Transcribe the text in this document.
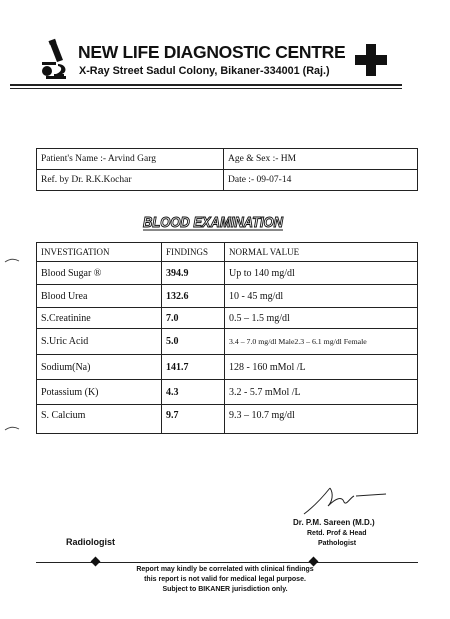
NEW LIFE DIAGNOSTIC CENTRE
X-Ray Street Sadul Colony, Bikaner-334001 (Raj.)
Patient's Name :- Arvind Garg	Age & Sex :- HM
Ref. by Dr. R.K.Kochar	Date :- 09-07-14
BLOOD EXAMINATION
INVESTIGATION	FINDINGS	NORMAL VALUE
Blood Sugar ®	394.9	Up to 140 mg/dl
Blood Urea	132.6	10 - 45 mg/dl
S.Creatinine	7.0	0.5 – 1.5 mg/dl
S.Uric Acid	5.0	3.4 – 7.0 mg/dl Male2.3 – 6.1 mg/dl Female
Sodium(Na)	141.7	128 - 160 mMol /L
Potassium (K)	4.3	3.2 - 5.7 mMol /L
S. Calcium	9.7	9.3 – 10.7 mg/dl
Dr. P.M. Sareen (M.D.)
Retd. Prof & Head
Pathologist
Radiologist
Report may kindly be correlated with clinical findings
this report is not valid for medical legal purpose.
Subject to BIKANER jurisdiction only.
